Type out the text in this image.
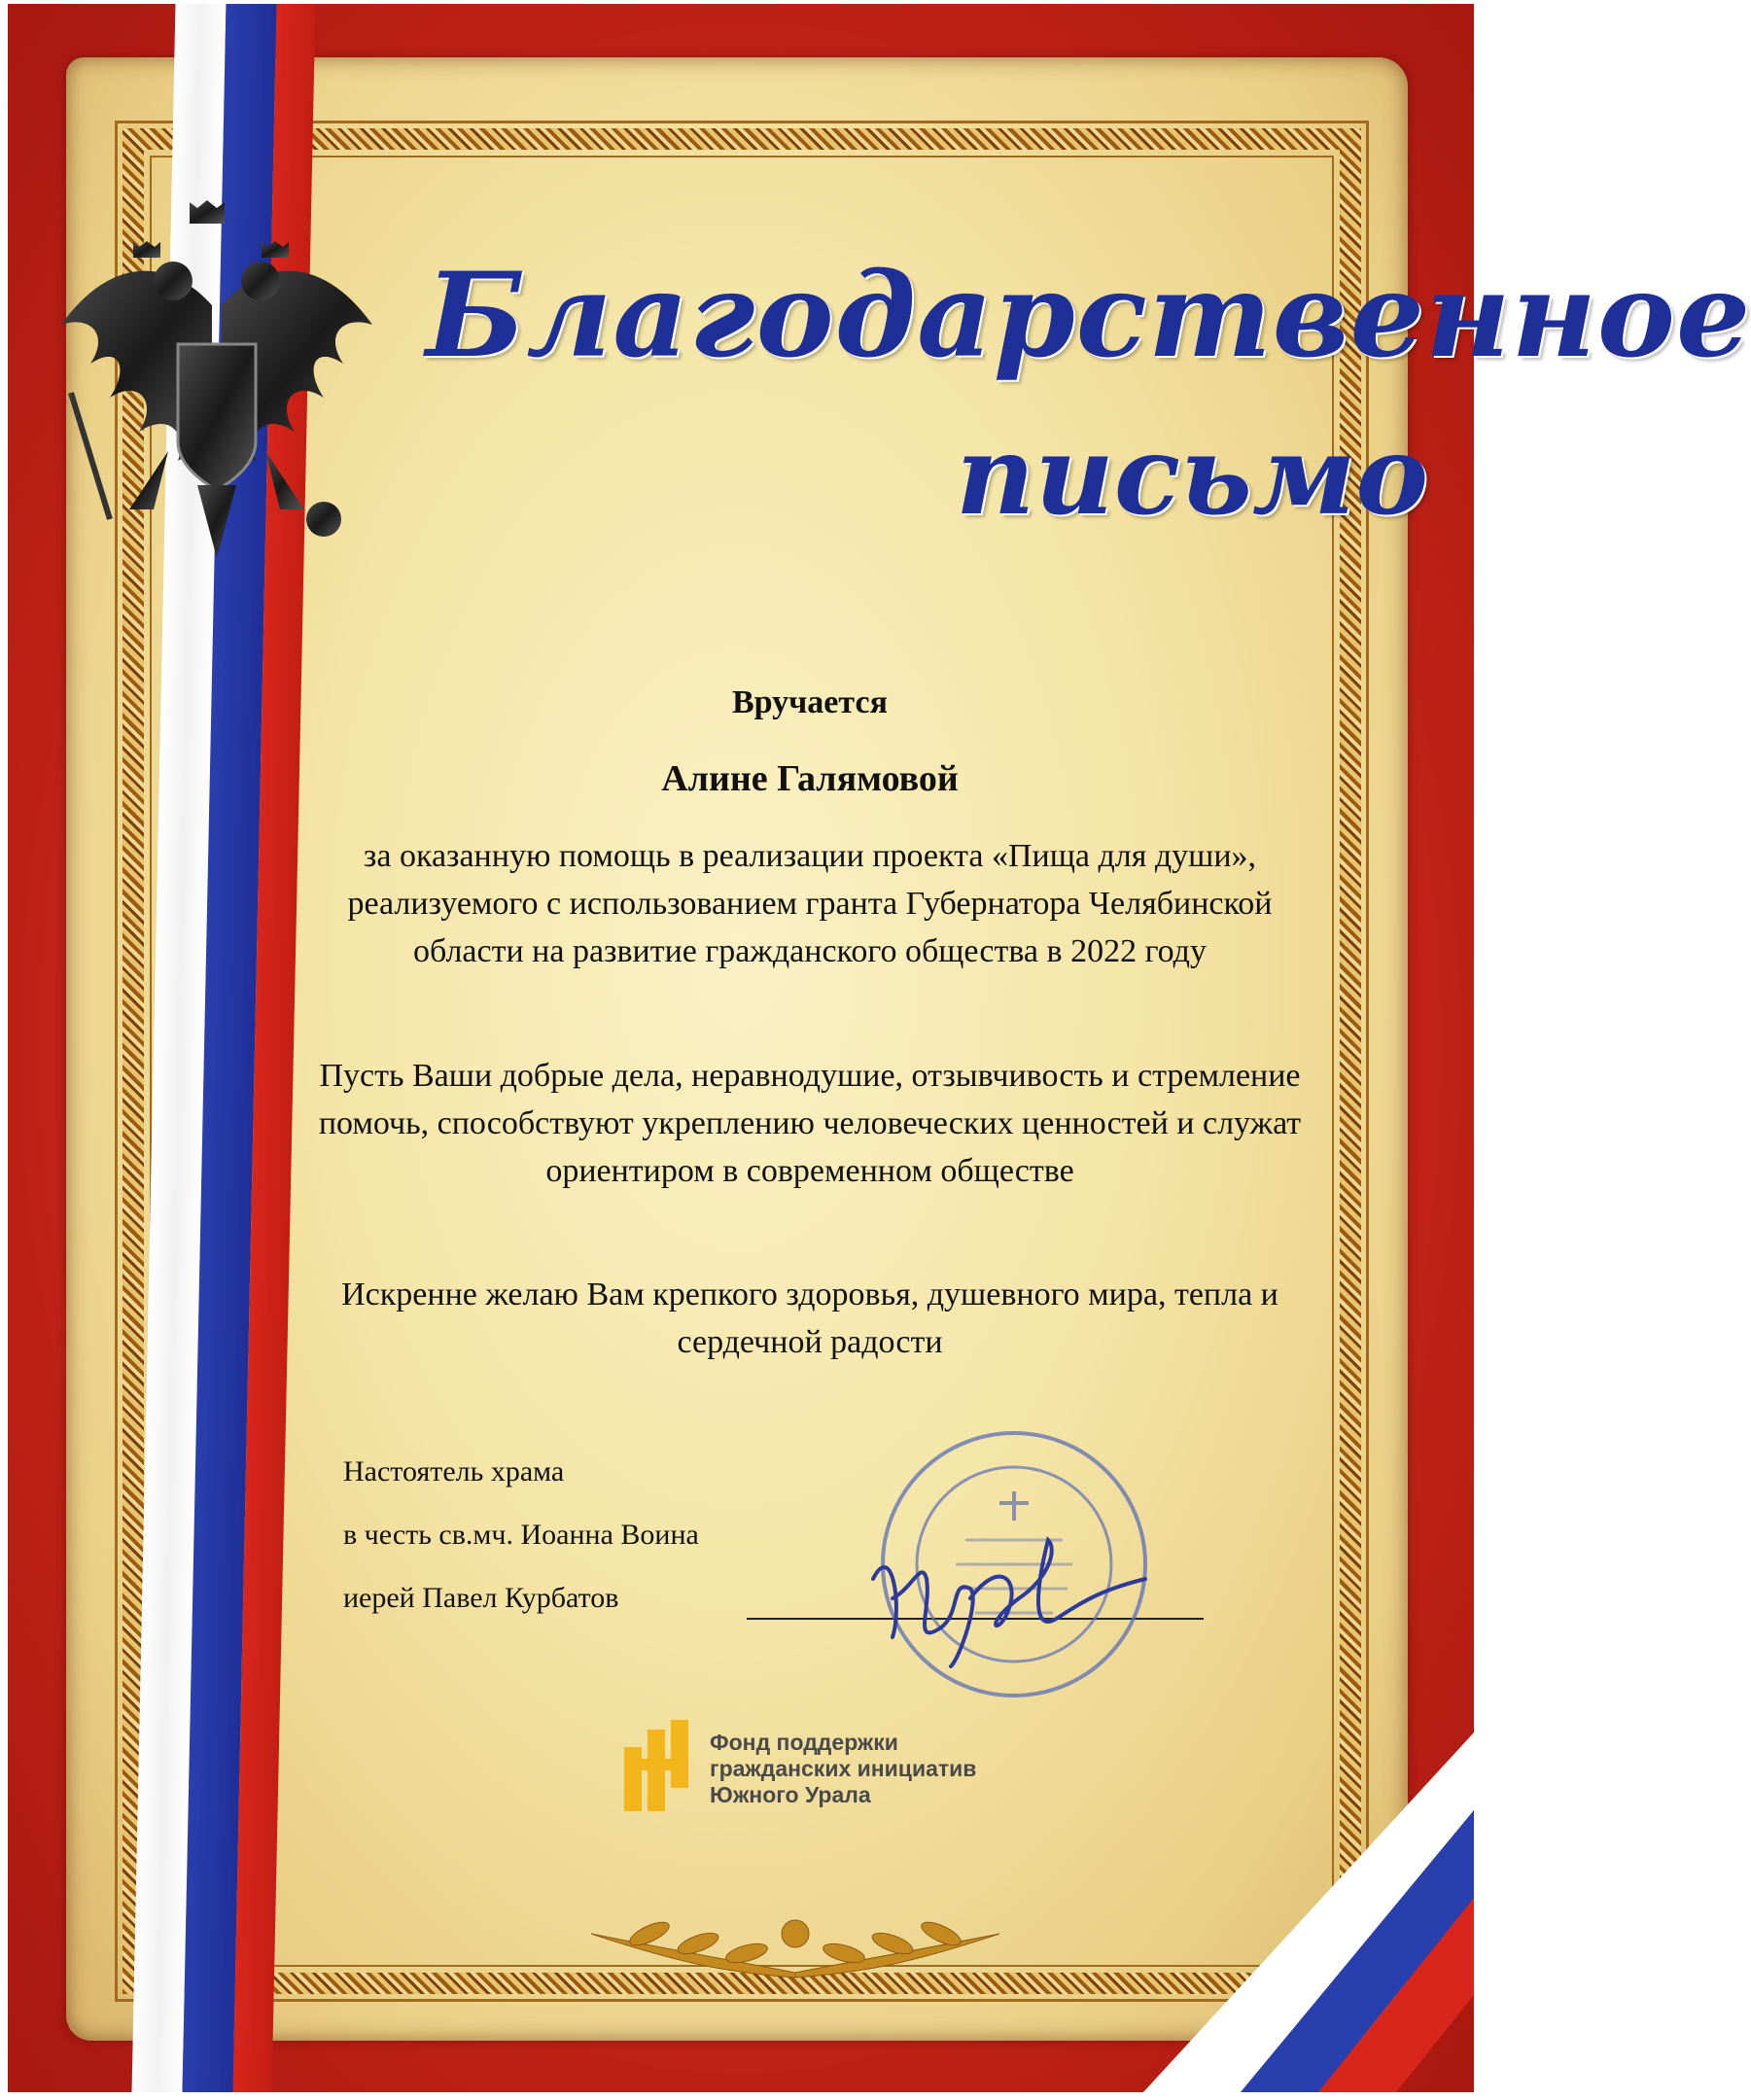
Благодарственное
письмо
Вручается
Алине Галямовой
за оказанную помощь в реализации проекта «Пища для души», реализуемого с использованием гранта Губернатора Челябинской области на развитие гражданского общества в 2022 году
Пусть Ваши добрые дела, неравнодушие, отзывчивость и стремление помочь, способствуют укреплению человеческих ценностей и служат ориентиром в современном обществе
Искренне желаю Вам крепкого здоровья, душевного мира, тепла и сердечной радости
Настоятель храма
в честь св.мч. Иоанна Воина
иерей Павел Курбатов
Фонд поддержки
гражданских инициатив
Южного Урала
